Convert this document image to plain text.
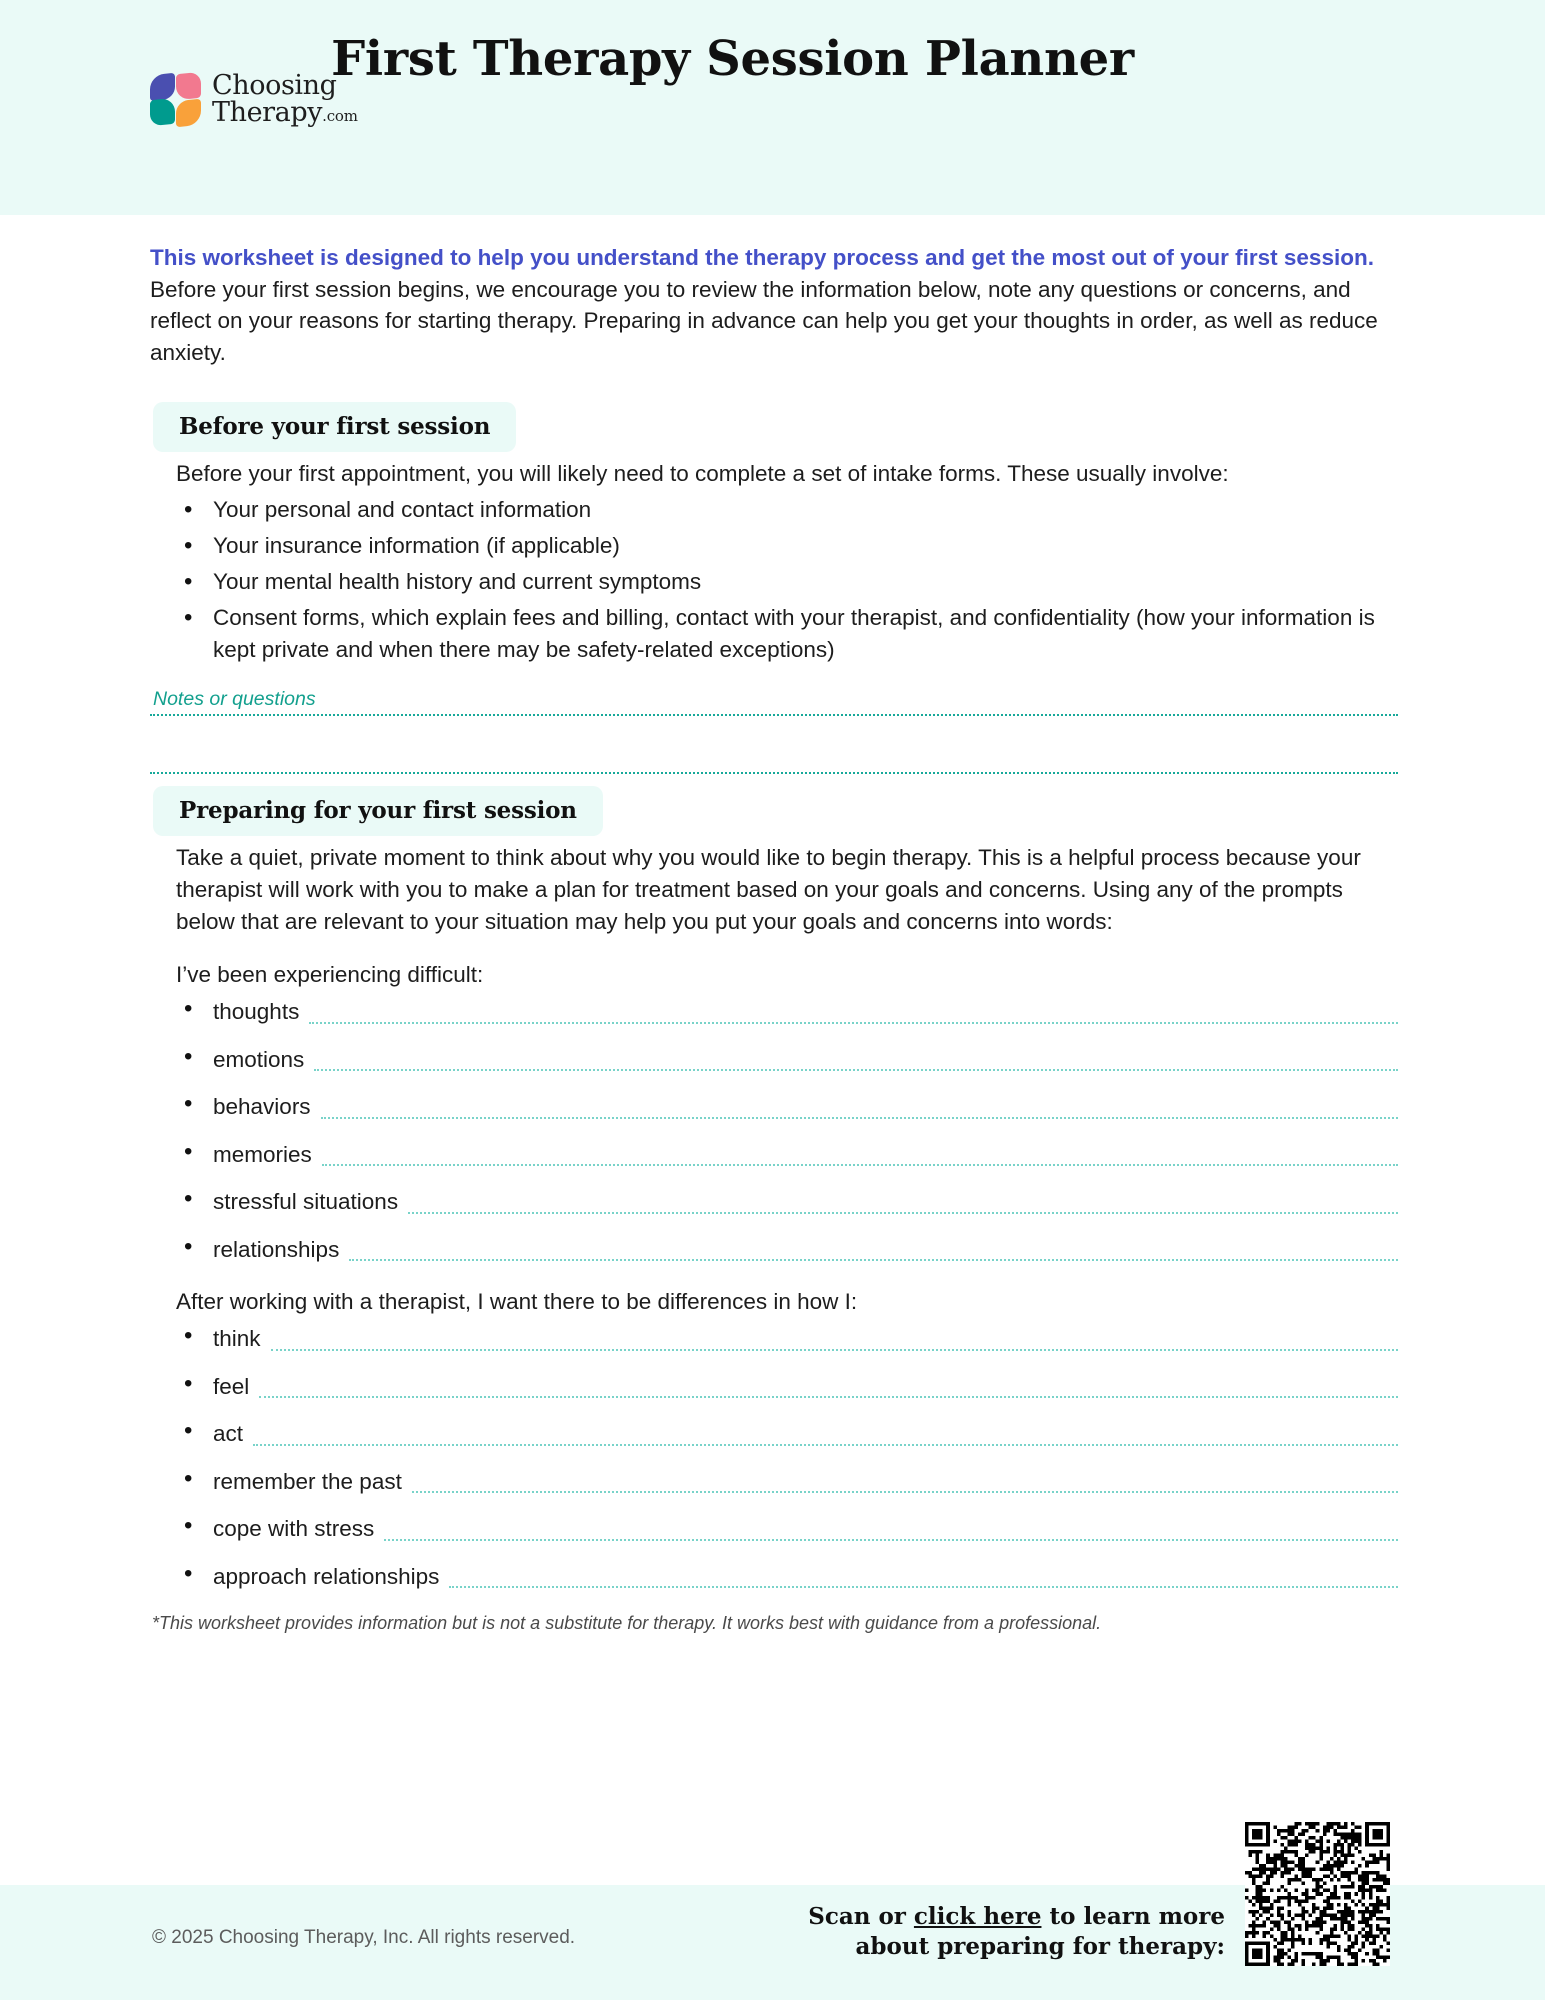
Choosing
Therapy.com
First Therapy Session Planner

This worksheet is designed to help you understand the therapy process and get the most out of your first session. Before your first session begins, we encourage you to review the information below, note any questions or concerns, and reflect on your reasons for starting therapy. Preparing in advance can help you get your thoughts in order, as well as reduce anxiety.

Before your first session
Before your first appointment, you will likely need to complete a set of intake forms. These usually involve:
• Your personal and contact information
• Your insurance information (if applicable)
• Your mental health history and current symptoms
• Consent forms, which explain fees and billing, contact with your therapist, and confidentiality (how your information is kept private and when there may be safety-related exceptions)
Notes or questions
Preparing for your first session
Take a quiet, private moment to think about why you would like to begin therapy. This is a helpful process because your therapist will work with you to make a plan for treatment based on your goals and concerns. Using any of the prompts below that are relevant to your situation may help you put your goals and concerns into words:
I’ve been experiencing difficult:
• thoughts
• emotions
• behaviors
• memories
• stressful situations
• relationships
After working with a therapist, I want there to be differences in how I:
• think
• feel
• act
• remember the past
• cope with stress
• approach relationships
*This worksheet provides information but is not a substitute for therapy. It works best with guidance from a professional.
© 2025 Choosing Therapy, Inc. All rights reserved.
Scan or click here to learn more
about preparing for therapy:
